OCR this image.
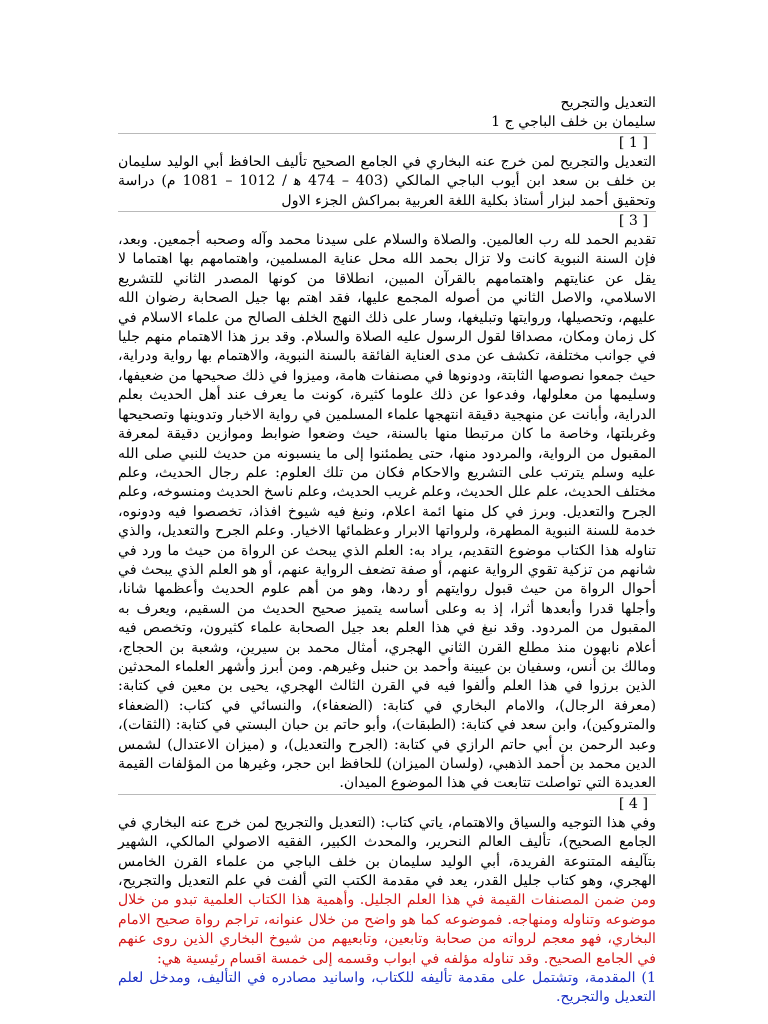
التعديل والتجريح

سليمان بن خلف الباجي ج 1

[ 1 ]

التعديل والتجريح لمن خرج عنه البخاري في الجامع الصحيح تأليف الحافظ أبي الوليد سليمان بن خلف بن سعد ابن أيوب الباجي المالكي (403 – 474 ﻫ / 1012 – 1081 م) دراسة وتحقيق أحمد لبزار أستاذ بكلية اللغة العربية بمراكش الجزء الاول

[ 3 ]

تقديم الحمد لله رب العالمين. والصلاة والسلام على سيدنا محمد وآله وصحبه أجمعين. وبعد، فإن السنة النبوية كانت ولا تزال بحمد الله محل عناية المسلمين، واهتمامهم بها اهتماما لا يقل عن عنايتهم واهتمامهم بالقرآن المبين، انطلاقا من كونها المصدر الثاني للتشريع الاسلامي، والاصل الثاني من أصوله المجمع عليها، فقد اهتم بها جيل الصحابة رضوان الله عليهم، وتحصيلها، وروايتها وتبليغها، وسار على ذلك النهج الخلف الصالح من علماء الاسلام في كل زمان ومكان، مصداقا لقول الرسول عليه الصلاة والسلام. وقد برز هذا الاهتمام منهم جليا في جوانب مختلفة، تكشف عن مدى العناية الفائقة بالسنة النبوية، والاهتمام بها رواية ودراية، حيث جمعوا نصوصها الثابتة، ودونوها في مصنفات هامة، وميزوا في ذلك صحيحها من ضعيفها، وسليمها من معلولها، وفدعوا عن ذلك علوما كثيرة، كونت ما يعرف عند أهل الحديث بعلم الدراية، وأبانت عن منهجية دقيقة انتهجها علماء المسلمين في رواية الاخبار وتدوينها وتصحيحها وغربلتها، وخاصة ما كان مرتبطا منها بالسنة، حيث وضعوا ضوابط وموازين دقيقة لمعرفة المقبول من الرواية، والمردود منها، حتى يطمئنوا إلى ما ينسبونه من حديث للنبي صلى الله عليه وسلم يترتب على التشريع والاحكام فكان من تلك العلوم: علم رجال الحديث، وعلم مختلف الحديث، علم علل الحديث، وعلم غريب الحديث، وعلم ناسخ الحديث ومنسوخه، وعلم الجرح والتعديل. وبرز في كل منها ائمة اعلام، ونبغ فيه شيوخ افذاذ، تخصصوا فيه ودونوه، خدمة للسنة النبوية المطهرة، ولرواتها الابرار وعظمائها الاخيار. وعلم الجرح والتعديل، والذي تناوله هذا الكتاب موضوع التقديم، يراد به: العلم الذي يبحث عن الرواة من حيث ما ورد في شانهم من تزكية تقوي الرواية عنهم، أو صفة تضعف الرواية عنهم، أو هو العلم الذي يبحث في أحوال الرواة من حيث قبول روايتهم أو ردها، وهو من أهم علوم الحديث وأعظمها شانا، وأجلها قدرا وأبعدها أثرا، إذ به وعلى أساسه يتميز صحيح الحديث من السقيم، ويعرف به المقبول من المردود. وقد نبغ في هذا العلم بعد جيل الصحابة علماء كثيرون، وتخصص فيه أعلام نابهون منذ مطلع القرن الثاني الهجري، أمثال محمد بن سيرين، وشعبة بن الحجاج، ومالك بن أنس، وسفيان بن عيينة وأحمد بن حنبل وغيرهم. ومن أبرز وأشهر العلماء المحدثين الذين برزوا في هذا العلم وألفوا فيه في القرن الثالث الهجري، يحيى بن معين في كتابة: (معرفة الرجال)، والامام البخاري في كتابة: (الضعفاء)، والنسائي في كتاب: (الضعفاء والمتروكين)، وابن سعد في كتابة: (الطبقات)، وأبو حاتم بن حبان البستي في كتابة: (الثقات)، وعبد الرحمن بن أبي حاتم الرازي في كتابة: (الجرح والتعديل)، و (ميزان الاعتدال) لشمس الدين محمد بن أحمد الذهبي، (ولسان الميزان) للحافظ ابن حجر، وغيرها من المؤلفات القيمة العديدة التي تواصلت تتابعت في هذا الموضوع الميدان.

[ 4 ]

وفي هذا التوجيه والسياق والاهتمام، ياتي كتاب: (التعديل والتجريح لمن خرج عنه البخاري في الجامع الصحيح)، تأليف العالم النحرير، والمحدث الكبير، الفقيه الاصولي المالكي، الشهير بتآليفه المتنوعة الفريدة، أبي الوليد سليمان بن خلف الباجي من علماء القرن الخامس الهجري، وهو كتاب جليل القدر، يعد في مقدمة الكتب التي ألفت في علم التعديل والتجريح، ومن ضمن المصنفات القيمة في هذا العلم الجليل. وأهمية هذا الكتاب العلمية تبدو من خلال موضوعه وتناوله ومنهاجه. فموضوعه كما هو واضح من خلال عنوانه، تراجم رواة صحيح الامام البخاري، فهو معجم لرواته من صحابة وتابعين، وتابعيهم من شيوخ البخاري الذين روى عنهم في الجامع الصحيح. وقد تناوله مؤلفه في ابواب وقسمه إلى خمسة اقسام رئيسية هي:

1) المقدمة، وتشتمل على مقدمة تأليفه للكتاب، واسانيد مصادره في التأليف، ومدخل لعلم التعديل والتجريح.
